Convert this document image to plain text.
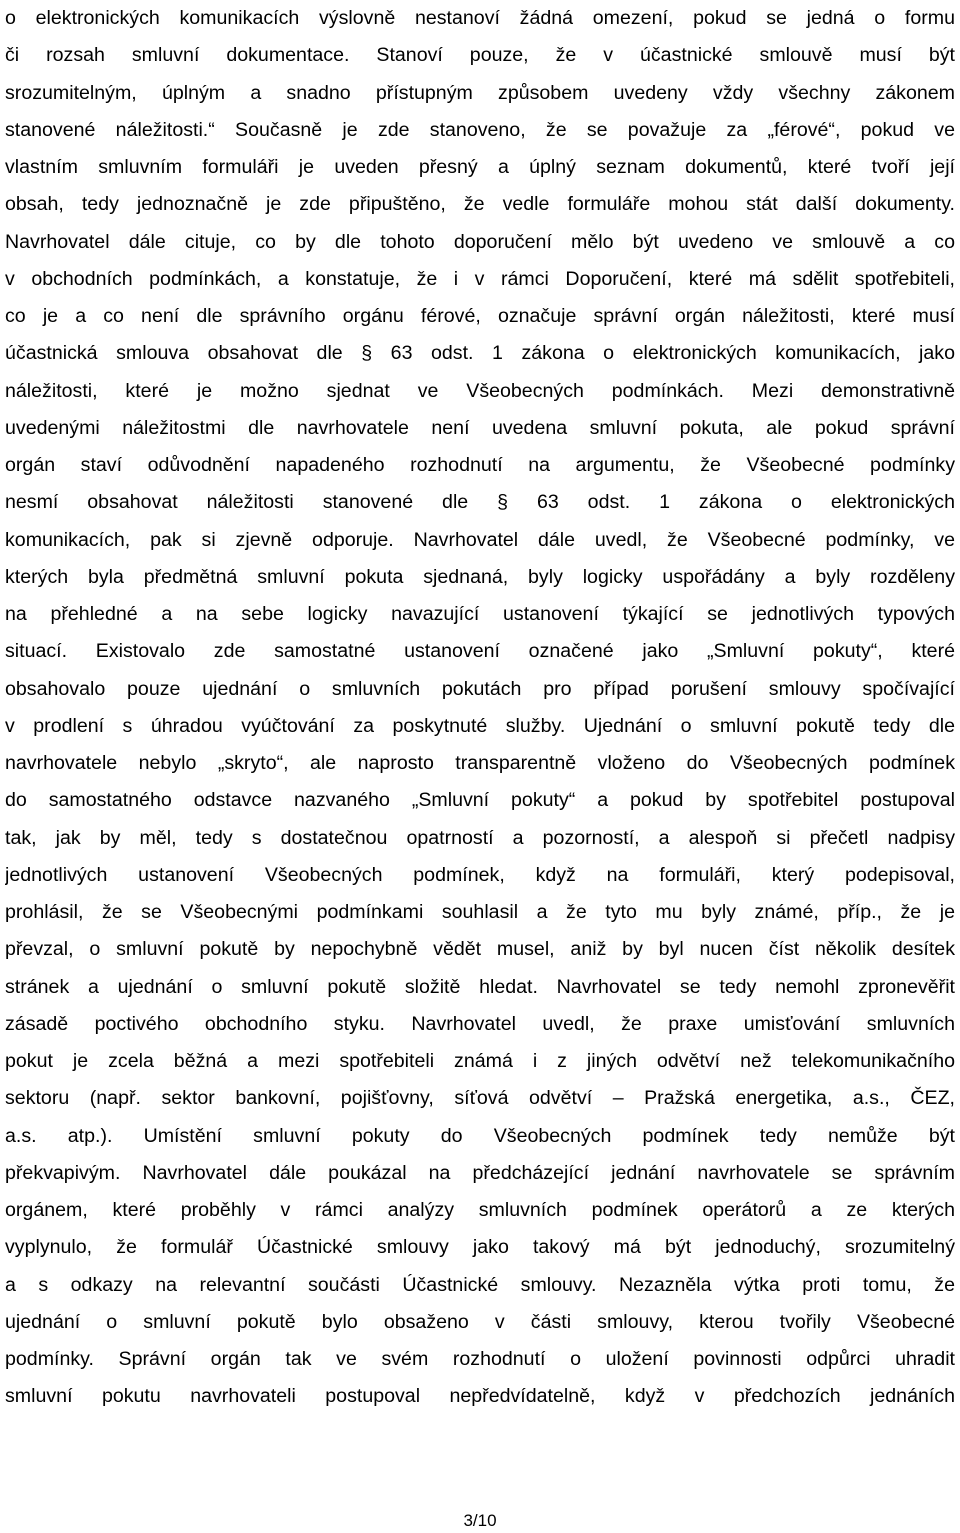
o elektronických komunikacích výslovně nestanoví žádná omezení, pokud se jedná o formu
či rozsah smluvní dokumentace. Stanoví pouze, že v účastnické smlouvě musí být
srozumitelným, úplným a snadno přístupným způsobem uvedeny vždy všechny zákonem
stanovené náležitosti.“ Současně je zde stanoveno, že se považuje za „férové“, pokud ve
vlastním smluvním formuláři je uveden přesný a úplný seznam dokumentů, které tvoří její
obsah, tedy jednoznačně je zde připuštěno, že vedle formuláře mohou stát další dokumenty.
Navrhovatel dále cituje, co by dle tohoto doporučení mělo být uvedeno ve smlouvě a co
v obchodních podmínkách, a konstatuje, že i v rámci Doporučení, které má sdělit spotřebiteli,
co je a co není dle správního orgánu férové, označuje správní orgán náležitosti, které musí
účastnická smlouva obsahovat dle § 63 odst. 1 zákona o elektronických komunikacích, jako
náležitosti, které je možno sjednat ve Všeobecných podmínkách. Mezi demonstrativně
uvedenými náležitostmi dle navrhovatele není uvedena smluvní pokuta, ale pokud správní
orgán staví odůvodnění napadeného rozhodnutí na argumentu, že Všeobecné podmínky
nesmí obsahovat náležitosti stanovené dle § 63 odst. 1 zákona o elektronických
komunikacích, pak si zjevně odporuje. Navrhovatel dále uvedl, že Všeobecné podmínky, ve
kterých byla předmětná smluvní pokuta sjednaná, byly logicky uspořádány a byly rozděleny
na přehledné a na sebe logicky navazující ustanovení týkající se jednotlivých typových
situací. Existovalo zde samostatné ustanovení označené jako „Smluvní pokuty“, které
obsahovalo pouze ujednání o smluvních pokutách pro případ porušení smlouvy spočívající
v prodlení s úhradou vyúčtování za poskytnuté služby. Ujednání o smluvní pokutě tedy dle
navrhovatele nebylo „skryto“, ale naprosto transparentně vloženo do Všeobecných podmínek
do samostatného odstavce nazvaného „Smluvní pokuty“ a pokud by spotřebitel postupoval
tak, jak by měl, tedy s dostatečnou opatrností a pozorností, a alespoň si přečetl nadpisy
jednotlivých ustanovení Všeobecných podmínek, když na formuláři, který podepisoval,
prohlásil, že se Všeobecnými podmínkami souhlasil a že tyto mu byly známé, příp., že je
převzal, o smluvní pokutě by nepochybně vědět musel, aniž by byl nucen číst několik desítek
stránek a ujednání o smluvní pokutě složitě hledat. Navrhovatel se tedy nemohl zpronevěřit
zásadě poctivého obchodního styku. Navrhovatel uvedl, že praxe umisťování smluvních
pokut je zcela běžná a mezi spotřebiteli známá i z jiných odvětví než telekomunikačního
sektoru (např. sektor bankovní, pojišťovny, síťová odvětví – Pražská energetika, a.s., ČEZ,
a.s. atp.). Umístění smluvní pokuty do Všeobecných podmínek tedy nemůže být
překvapivým. Navrhovatel dále poukázal na předcházející jednání navrhovatele se správním
orgánem, které proběhly v rámci analýzy smluvních podmínek operátorů a ze kterých
vyplynulo, že formulář Účastnické smlouvy jako takový má být jednoduchý, srozumitelný
a s odkazy na relevantní součásti Účastnické smlouvy. Nezazněla výtka proti tomu, že
ujednání o smluvní pokutě bylo obsaženo v části smlouvy, kterou tvořily Všeobecné
podmínky. Správní orgán tak ve svém rozhodnutí o uložení povinnosti odpůrci uhradit
smluvní pokutu navrhovateli postupoval nepředvídatelně, když v předchozích jednáních
3/10
